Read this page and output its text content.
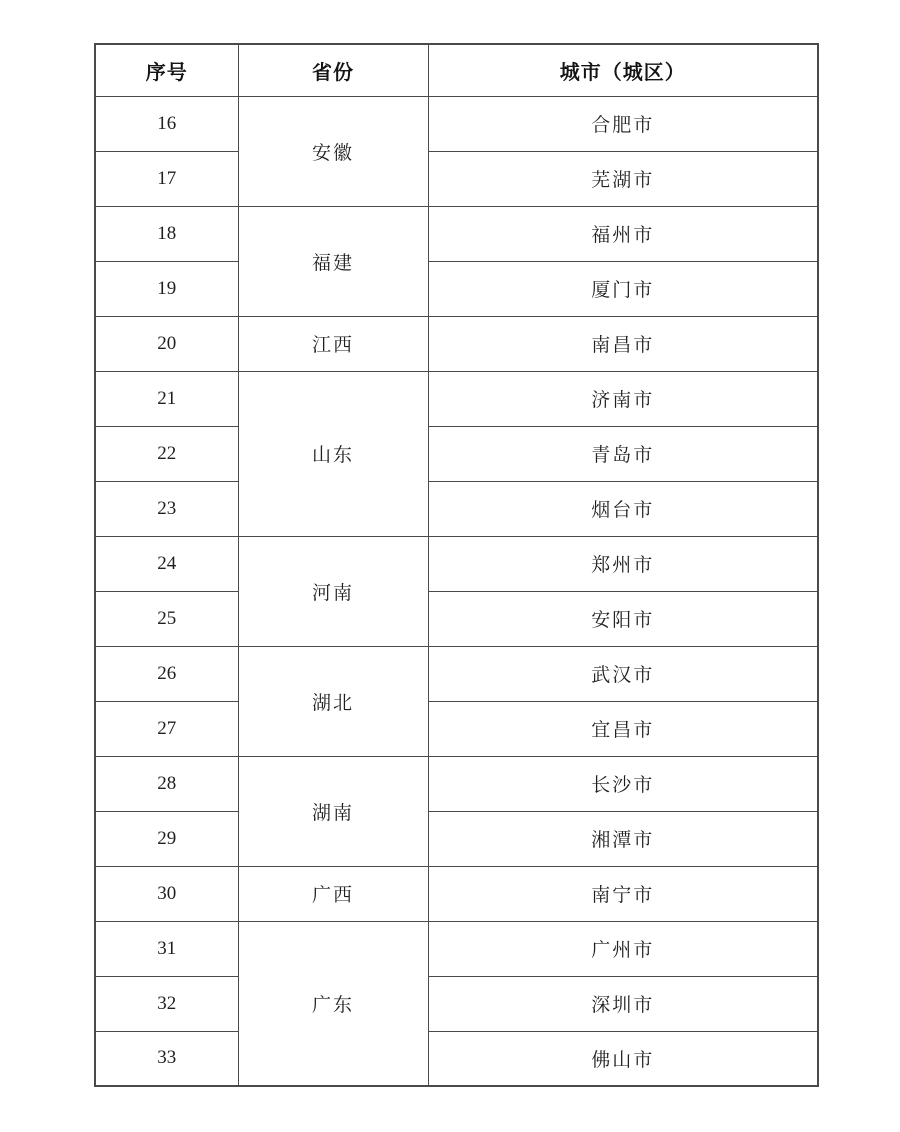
序号	省份	城市（城区）
16	安徽	合肥市
17		芜湖市
18	福建	福州市
19		厦门市
20	江西	南昌市
21	山东	济南市
22		青岛市
23		烟台市
24	河南	郑州市
25		安阳市
26	湖北	武汉市
27		宜昌市
28	湖南	长沙市
29		湘潭市
30	广西	南宁市
31	广东	广州市
32		深圳市
33		佛山市
